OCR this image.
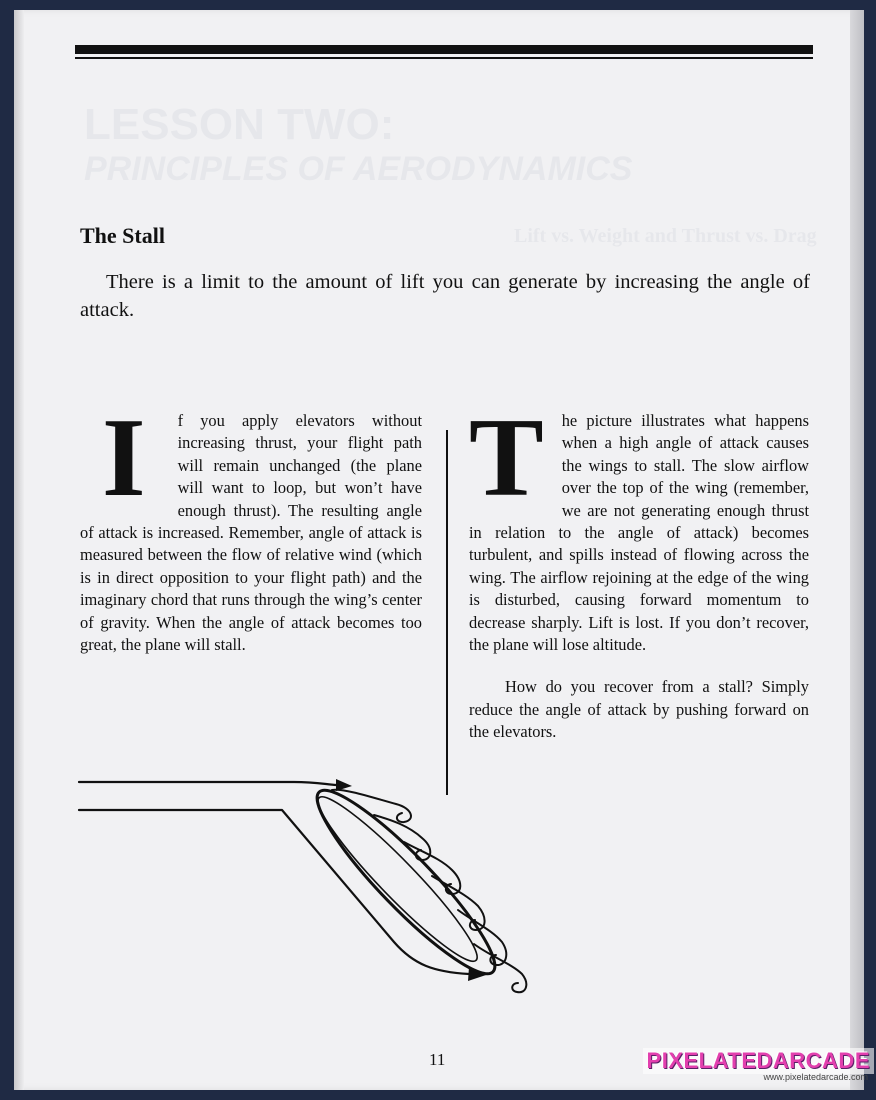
LESSON TWO:
PRINCIPLES OF AERODYNAMICS
Lift vs. Weight and Thrust vs. Drag
The Stall
There is a limit to the amount of lift you can generate by increasing the angle of attack.
I f you apply elevators without increasing thrust, your flight path will remain unchanged (the plane will want to loop, but won’t have enough thrust). The resulting angle of attack is increased. Remember, angle of attack is measured between the flow of relative wind (which is in direct opposition to your flight path) and the imaginary chord that runs through the wing’s center of gravity. When the angle of attack becomes too great, the plane will stall.
T he picture illustrates what happens when a high angle of attack causes the wings to stall. The slow airflow over the top of the wing (remember, we are not generating enough thrust in relation to the angle of attack) becomes turbulent, and spills instead of flowing across the wing. The airflow rejoining at the edge of the wing is disturbed, causing forward momentum to decrease sharply. Lift is lost. If you don’t recover, the plane will lose altitude.
How do you recover from a stall? Simply reduce the angle of attack by pushing forward on the elevators.
11	PIXELATEDARCADE
www.pixelatedarcade.com
